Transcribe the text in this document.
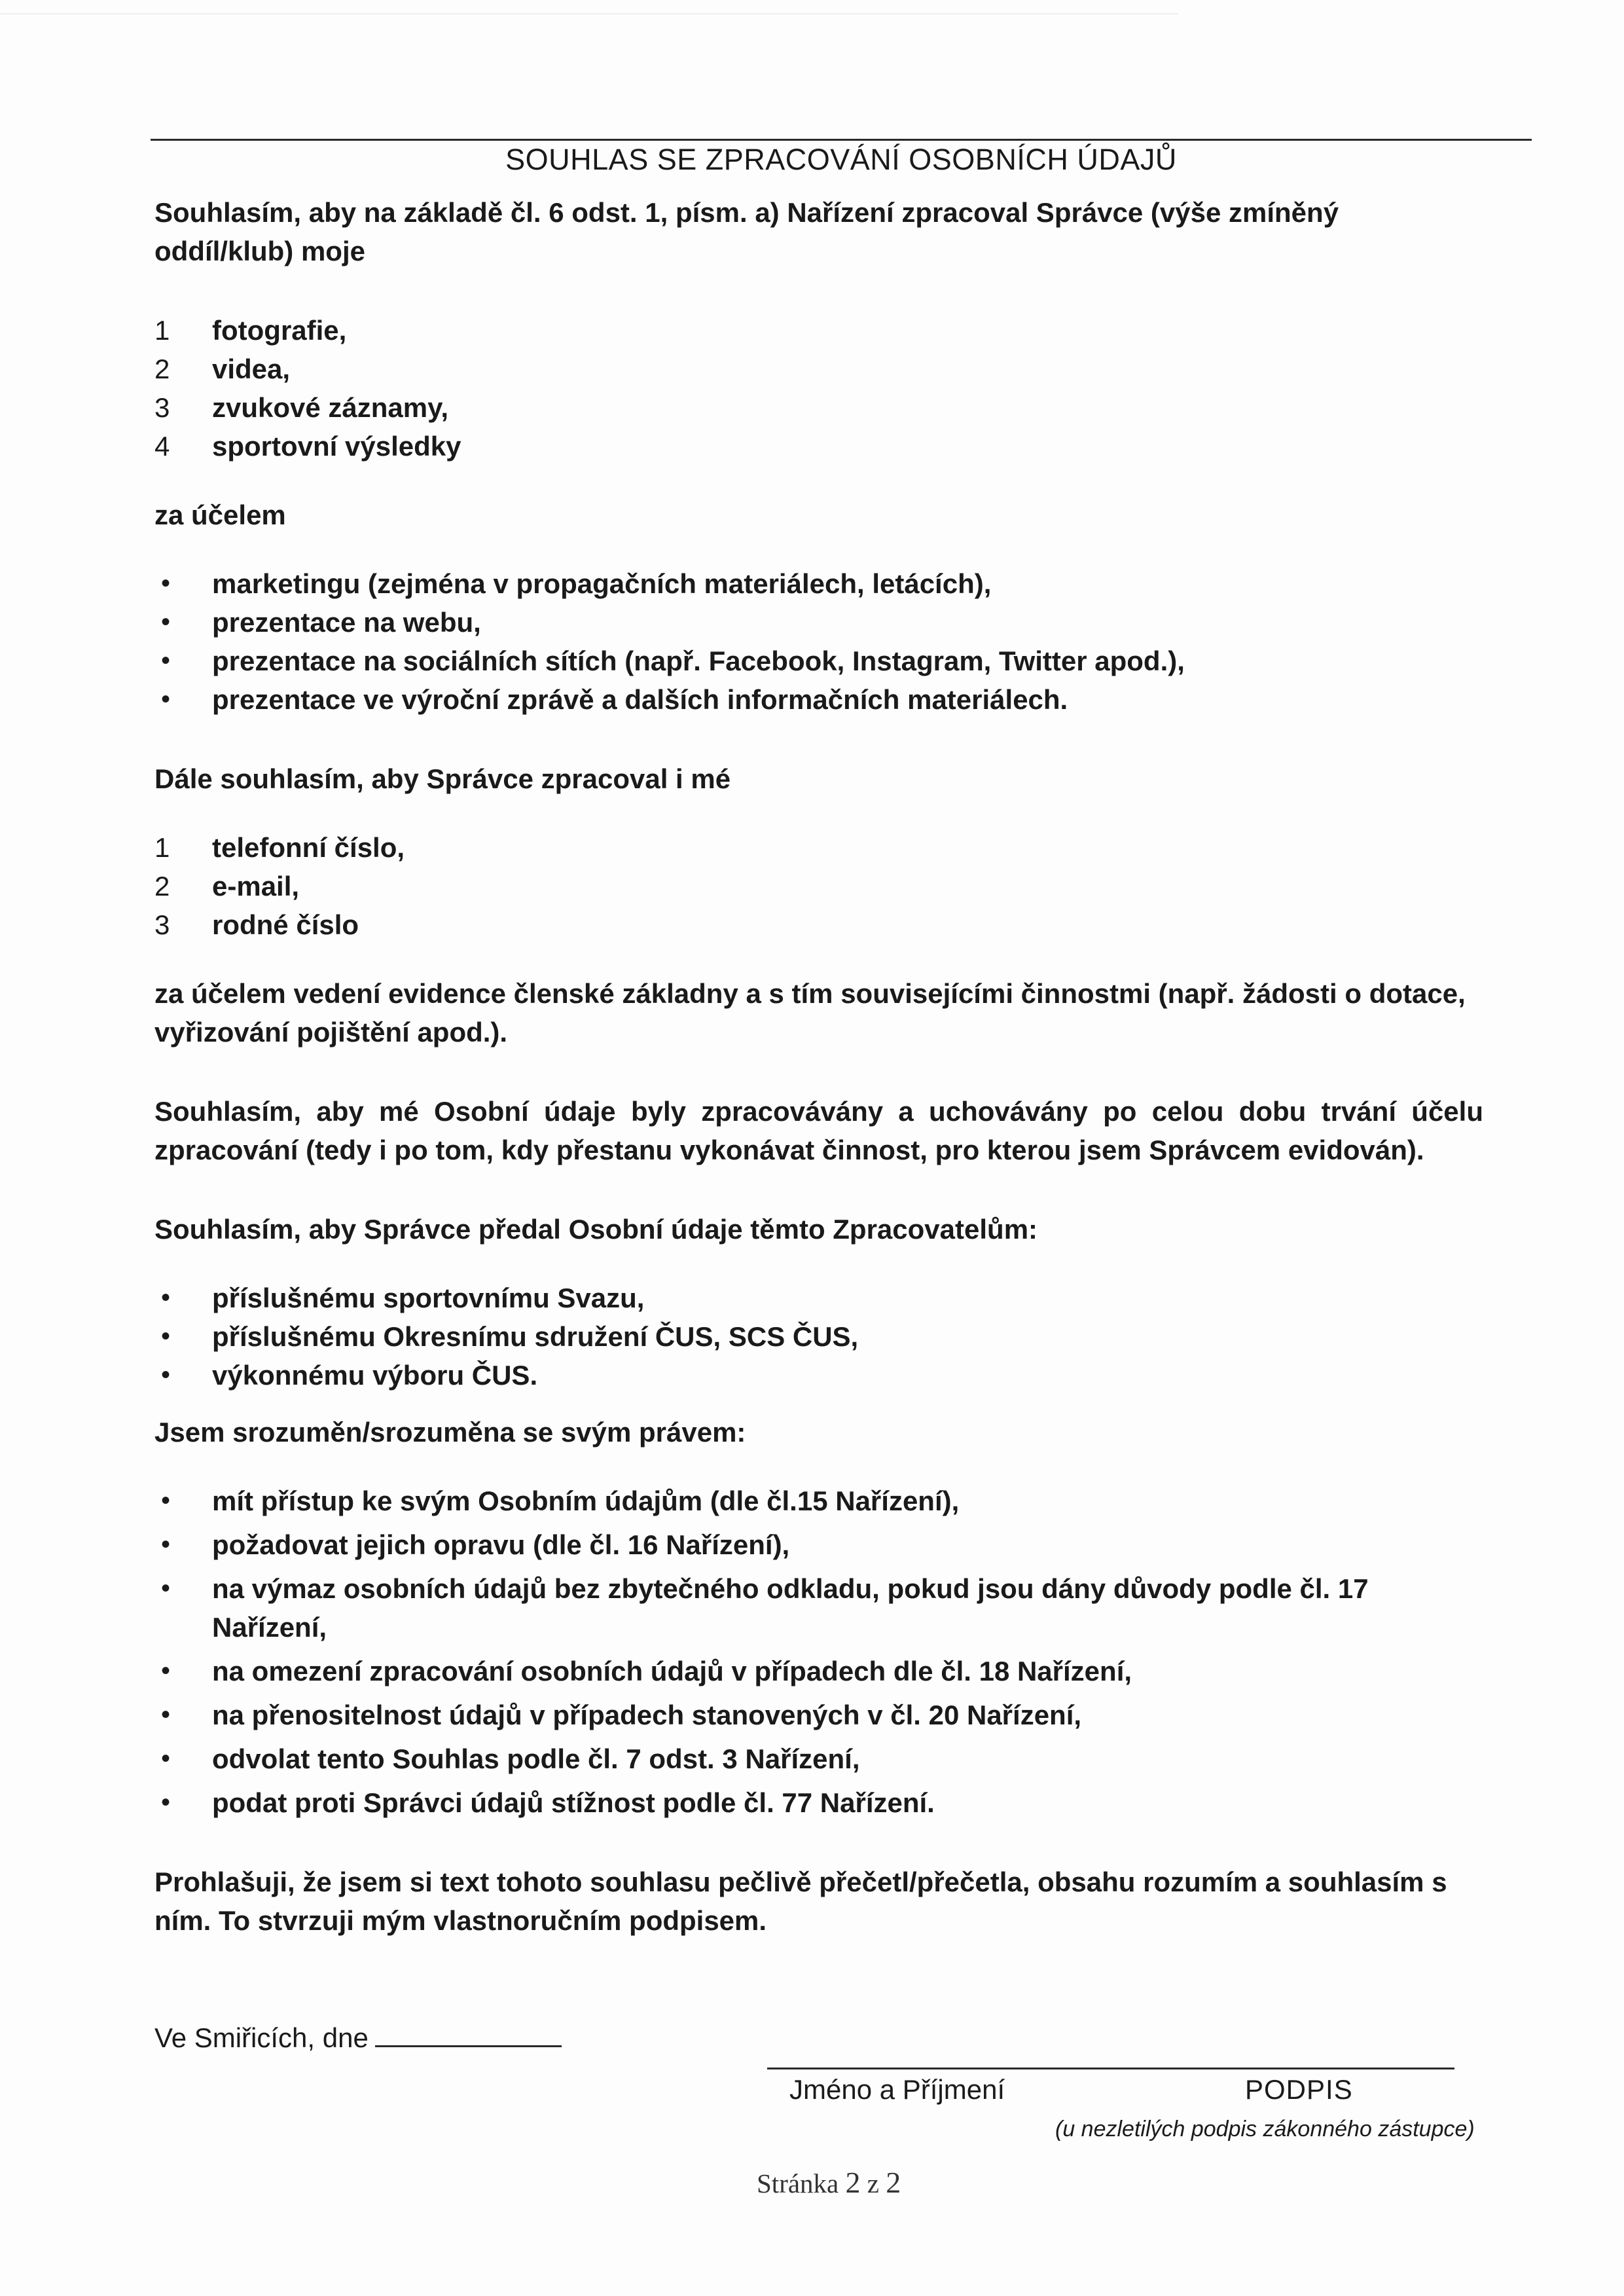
SOUHLAS SE ZPRACOVÁNÍ OSOBNÍCH ÚDAJŮ

Souhlasím, aby na základě čl. 6 odst. 1, písm. a) Nařízení zpracoval Správce (výše zmíněný oddíl/klub) moje

1	fotografie,
2	videa,
3	zvukové záznamy,
4	sportovní výsledky

za účelem

•	marketingu (zejména v propagačních materiálech, letácích),
•	prezentace na webu,
•	prezentace na sociálních sítích (např. Facebook, Instagram, Twitter apod.),
•	prezentace ve výroční zprávě a dalších informačních materiálech.

Dále souhlasím, aby Správce zpracoval i mé

1	telefonní číslo,
2	e-mail,
3	rodné číslo

za účelem vedení evidence členské základny a s tím souvisejícími činnostmi (např. žádosti o dotace, vyřizování pojištění apod.).

Souhlasím, aby mé Osobní údaje byly zpracovávány a uchovávány po celou dobu trvání účelu zpracování (tedy i po tom, kdy přestanu vykonávat činnost, pro kterou jsem Správcem evidován).

Souhlasím, aby Správce předal Osobní údaje těmto Zpracovatelům:

•	příslušnému sportovnímu Svazu,
•	příslušnému Okresnímu sdružení ČUS, SCS ČUS,
•	výkonnému výboru ČUS.

Jsem srozuměn/srozuměna se svým právem:

•	mít přístup ke svým Osobním údajům (dle čl.15 Nařízení),
•	požadovat jejich opravu (dle čl. 16 Nařízení),
•	na výmaz osobních údajů bez zbytečného odkladu, pokud jsou dány důvody podle čl. 17 Nařízení,
•	na omezení zpracování osobních údajů v případech dle čl. 18 Nařízení,
•	na přenositelnost údajů v případech stanovených v čl. 20 Nařízení,
•	odvolat tento Souhlas podle čl. 7 odst. 3 Nařízení,
•	podat proti Správci údajů stížnost podle čl. 77 Nařízení.

Prohlašuji, že jsem si text tohoto souhlasu pečlivě přečetl/přečetla, obsahu rozumím a souhlasím s ním. To stvrzuji mým vlastnoručním podpisem.

Ve Smiřicích, dne

Jméno a Příjmení	PODPIS
(u nezletilých podpis zákonného zástupce)
Stránka 2 z 2
